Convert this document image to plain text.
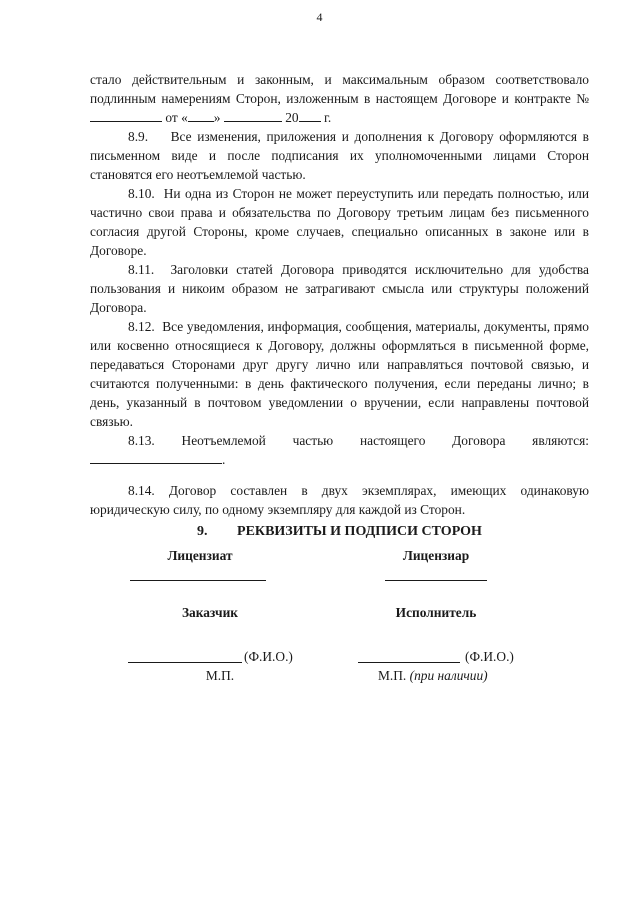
4

стало действительным и законным, и максимальным образом соответствовало подлинным намерениям Сторон, изложенным в настоящем Договоре и контракте №  от « »	20 г.

8.9.    Все изменения, приложения и дополнения к Договору оформляются в письменном виде и после подписания их уполномоченными лицами Сторон становятся его неотъемлемой частью.

8.10.  Ни одна из Сторон не может переуступить или передать полностью, или частично свои права и обязательства по Договору третьим лицам без письменного согласия другой Стороны, кроме случаев, специально описанных в законе или в Договоре.

8.11.  Заголовки статей Договора приводятся исключительно для удобства пользования и никоим образом не затрагивают смысла или структуры положений Договора.

8.12.  Все уведомления, информация, сообщения, материалы, документы, прямо или косвенно относящиеся к Договору, должны оформляться в письменной форме, передаваться Сторонами друг другу лично или направляться почтовой связью, и считаются полученными: в день фактического получения, если переданы лично; в день, указанный в почтовом уведомлении о вручении, если направлены почтовой связью.

8.13. Неотъемлемой частью настоящего Договора являются:

.

8.14. Договор составлен в двух экземплярах, имеющих одинаковую юридическую силу, по одному экземпляру для каждой из Сторон.

9. РЕКВИЗИТЫ И ПОДПИСИ СТОРОН

Лицензиат	Лицензиар
Заказчик	Исполнитель
(Ф.И.О.)	(Ф.И.О.)
М.П.	М.П. (при наличии)
